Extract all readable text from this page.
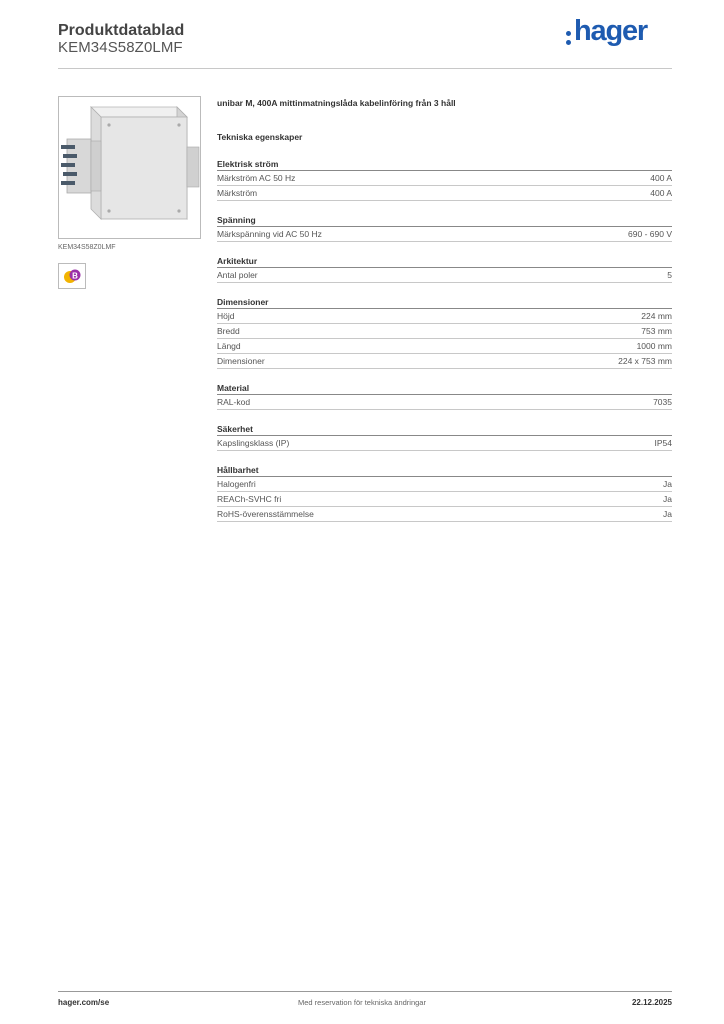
Produktdatablad
KEM34S58Z0LMF
hager
KEM34S58Z0LMF
B
unibar M, 400A mittinmatningslåda kabelinföring från 3 håll
Tekniska egenskaper
Elektrisk ström
Märkström AC 50 Hz	400 A
Märkström	400 A
Spänning
Märkspänning vid AC 50 Hz	690 - 690 V
Arkitektur
Antal poler	5
Dimensioner
Höjd	224 mm
Bredd	753 mm
Längd	1000 mm
Dimensioner	224 x 753 mm
Material
RAL-kod	7035
Säkerhet
Kapslingsklass (IP)	IP54
Hållbarhet
Halogenfri	Ja
REACh-SVHC fri	Ja
RoHS-överensstämmelse	Ja
hager.com/se	Med reservation för tekniska ändringar	22.12.2025
